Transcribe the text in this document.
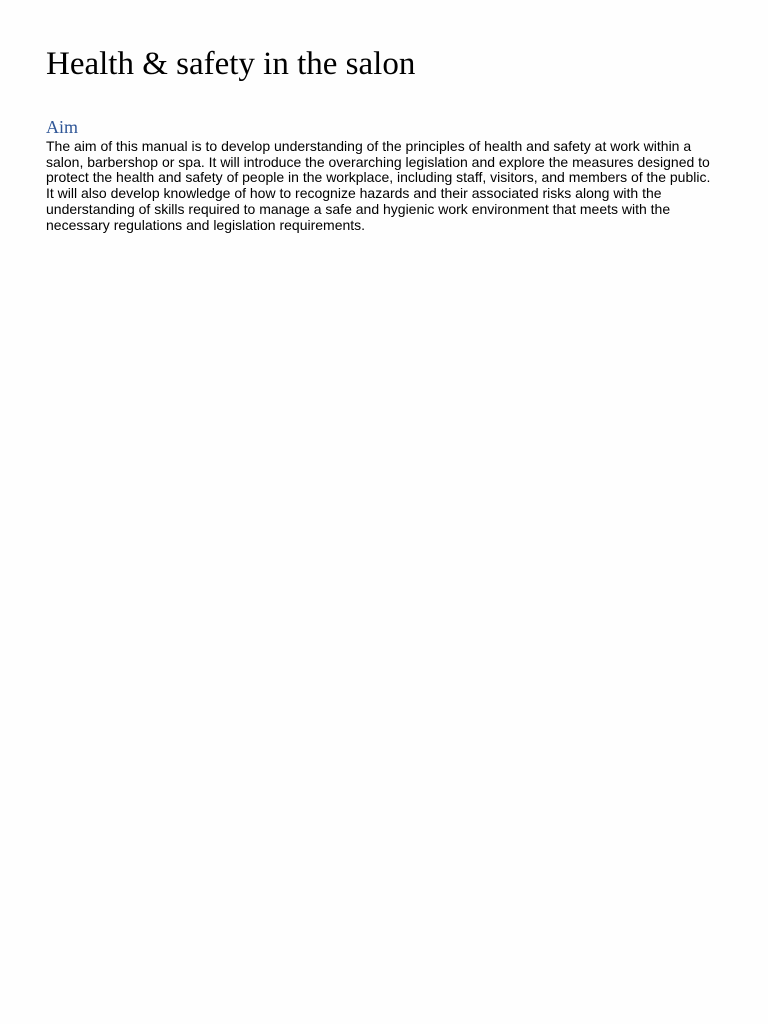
Health & safety in the salon
Aim

The aim of this manual is to develop understanding of the principles of health and safety at work within a
salon, barbershop or spa. It will introduce the overarching legislation and explore the measures designed to
protect the health and safety of people in the workplace, including staff, visitors, and members of the public.
It will also develop knowledge of how to recognize hazards and their associated risks along with the
understanding of skills required to manage a safe and hygienic work environment that meets with the
necessary regulations and legislation requirements.
